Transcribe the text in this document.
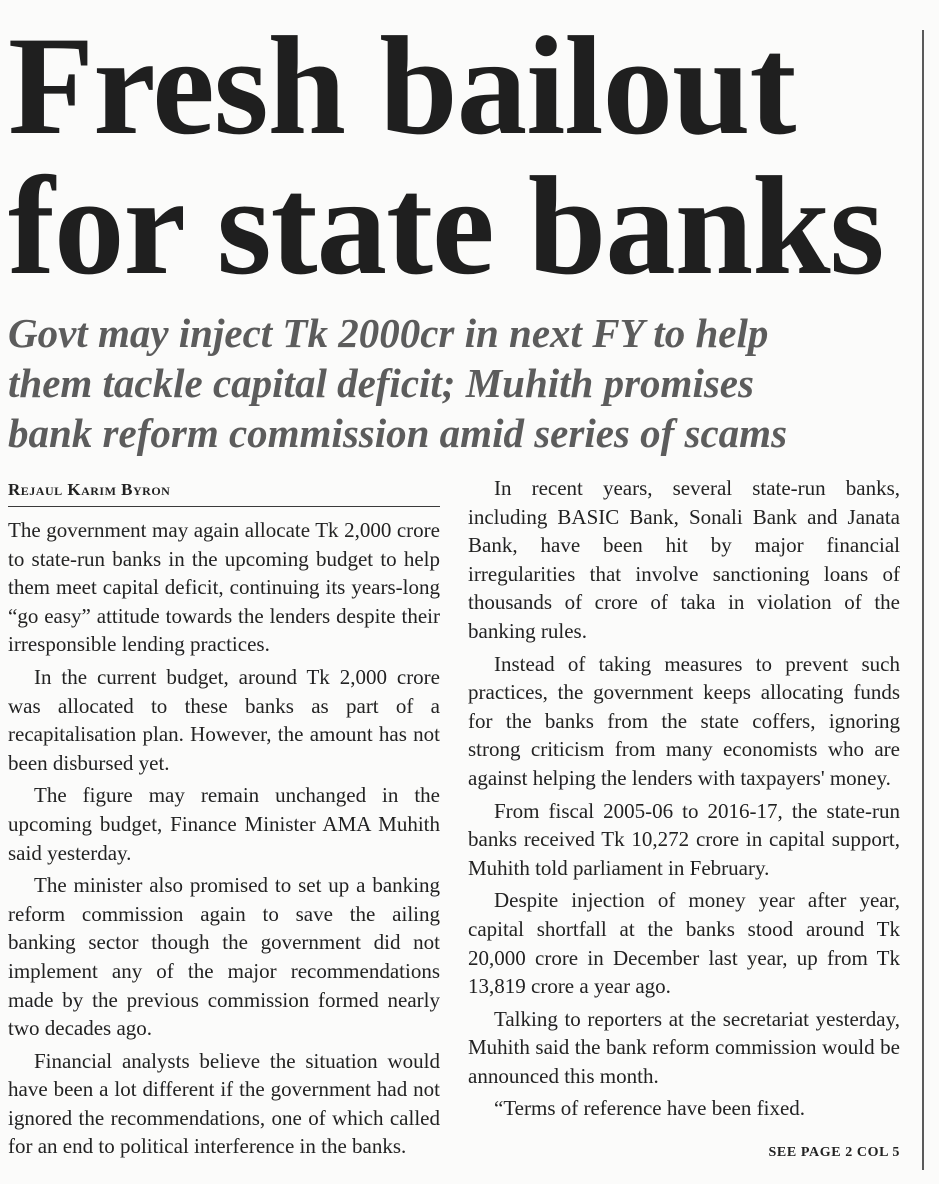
Fresh bailout
for state banks
Govt may inject Tk 2000cr in next FY to help
them tackle capital deficit; Muhith promises
bank reform commission amid series of scams
Rejaul Karim Byron

The government may again allocate Tk 2,000 crore to state-run banks in the upcoming budget to help them meet capital deficit, continuing its years-long “go easy” attitude towards the lenders despite their irresponsible lending practices.

In the current budget, around Tk 2,000 crore was allocated to these banks as part of a recapitalisation plan. However, the amount has not been disbursed yet.

The figure may remain unchanged in the upcoming budget, Finance Minister AMA Muhith said yesterday.

The minister also promised to set up a banking reform commission again to save the ailing banking sector though the government did not implement any of the major recommendations made by the previous commission formed nearly two decades ago.

Financial analysts believe the situation would have been a lot different if the government had not ignored the recommendations, one of which called for an end to political interference in the banks.

In recent years, several state-run banks, including BASIC Bank, Sonali Bank and Janata Bank, have been hit by major financial irregularities that involve sanctioning loans of thousands of crore of taka in violation of the banking rules.

Instead of taking measures to prevent such practices, the government keeps allocating funds for the banks from the state coffers, ignoring strong criticism from many economists who are against helping the lenders with taxpayers' money.

From fiscal 2005-06 to 2016-17, the state-run banks received Tk 10,272 crore in capital support, Muhith told parliament in February.

Despite injection of money year after year, capital shortfall at the banks stood around Tk 20,000 crore in December last year, up from Tk 13,819 crore a year ago.

Talking to reporters at the secretariat yesterday, Muhith said the bank reform commission would be announced this month.

“Terms of reference have been fixed.

SEE PAGE 2 COL 5
